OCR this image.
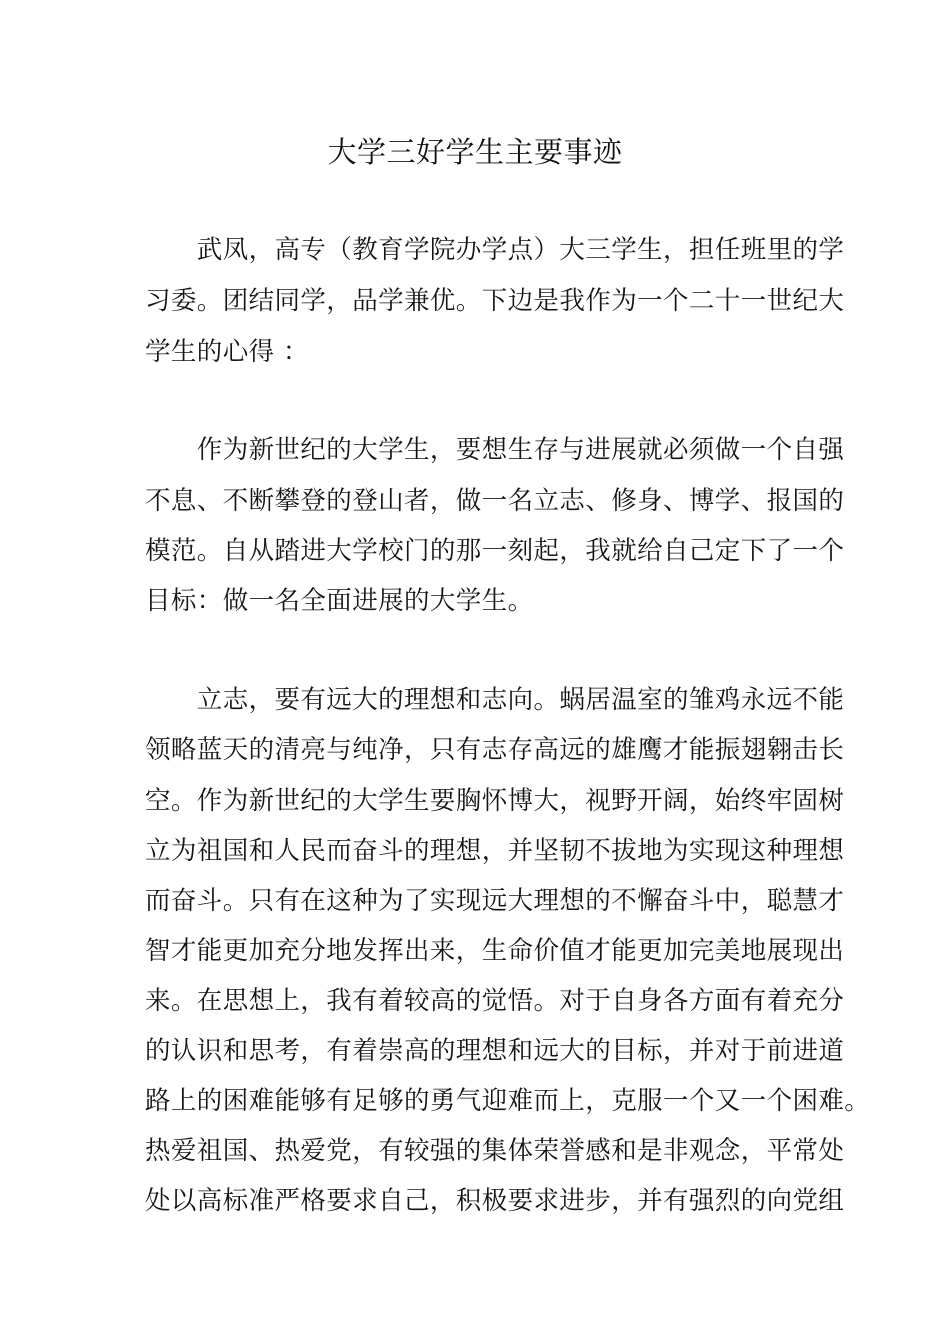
大学三好学生主要事迹
　　武凤，高专（教育学院办学点）大三学生，担任班里的学
习委。团结同学，品学兼优。下边是我作为一个二十一世纪大
学生的心得 ：
　　作为新世纪的大学生，要想生存与进展就必须做一个自强
不息、不断攀登的登山者，做一名立志、修身、博学、报国的
模范。自从踏进大学校门的那一刻起，我就给自己定下了一个
目标：做一名全面进展的大学生。
　　立志，要有远大的理想和志向。蜗居温室的雏鸡永远不能
领略蓝天的清亮与纯净，只有志存高远的雄鹰才能振翅翱击长
空。作为新世纪的大学生要胸怀博大，视野开阔，始终牢固树
立为祖国和人民而奋斗的理想，并坚韧不拔地为实现这种理想
而奋斗。只有在这种为了实现远大理想的不懈奋斗中，聪慧才
智才能更加充分地发挥出来，生命价值才能更加完美地展现出
来。在思想上，我有着较高的觉悟。对于自身各方面有着充分
的认识和思考，有着崇高的理想和远大的目标，并对于前进道
路上的困难能够有足够的勇气迎难而上，克服一个又一个困难。
热爱祖国、热爱党，有较强的集体荣誉感和是非观念，平常处
处以高标准严格要求自己，积极要求进步，并有强烈的向党组
